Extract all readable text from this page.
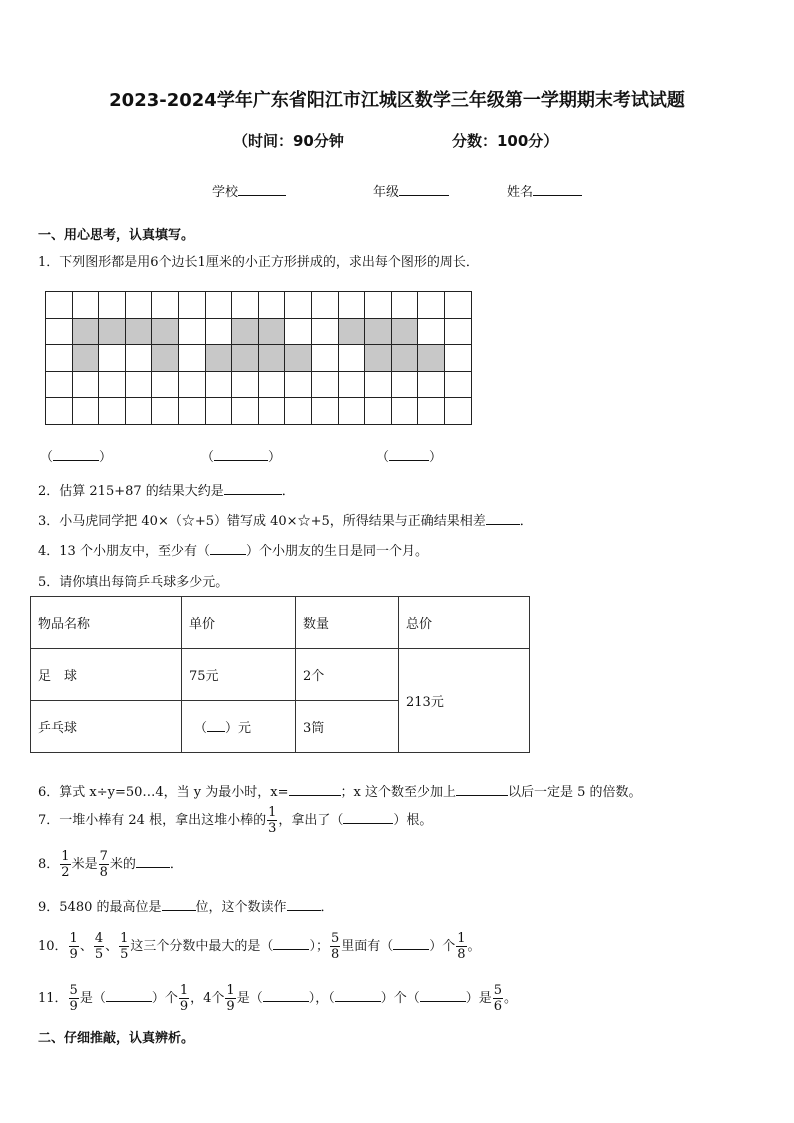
2023-2024学年广东省阳江市江城区数学三年级第一学期期末考试试题
（时间：90分钟	分数：100分）
学校	年级	姓名
一、用心思考，认真填写。
1．下列图形都是用6个边长1厘米的小正方形拼成的，求出每个图形的周长．
（	）	（	）	（	）
2．估算 215+87 的结果大约是	．
3．小马虎同学把 40×（☆+5）错写成 40×☆+5，所得结果与正确结果相差	．
4．13 个小朋友中，至少有（	）个小朋友的生日是同一个月。
5．请你填出每筒乒乓球多少元。
物品名称	单价	数量	总价
足　球	75元	2个	213元
乒乓球	（ ）元	3筒	
6．算式 x÷y=50…4，当 y 为最小时，x=	；x 这个数至少加上	以后一定是 5 的倍数。
7．一堆小棒有 24 根，拿出这堆小棒的 $\frac{1}{3}$ ，拿出了（	）根。
8． $\frac{1}{2}$ 米是 $\frac{7}{8}$ 米的	．
9．5480 的最高位是	位，这个数读作	．
10． $\frac{1}{9}$ 、 $\frac{4}{5}$ 、 $\frac{1}{5}$ 这三个分数中最大的是（	）； $\frac{5}{8}$ 里面有（	）个 $\frac{1}{8}$ 。
11． $\frac{5}{9}$ 是（	）个 $\frac{1}{9}$ ，4个 $\frac{1}{9}$ 是（	），（	）个（	）是 $\frac{5}{6}$ 。
二、仔细推敲，认真辨析。
